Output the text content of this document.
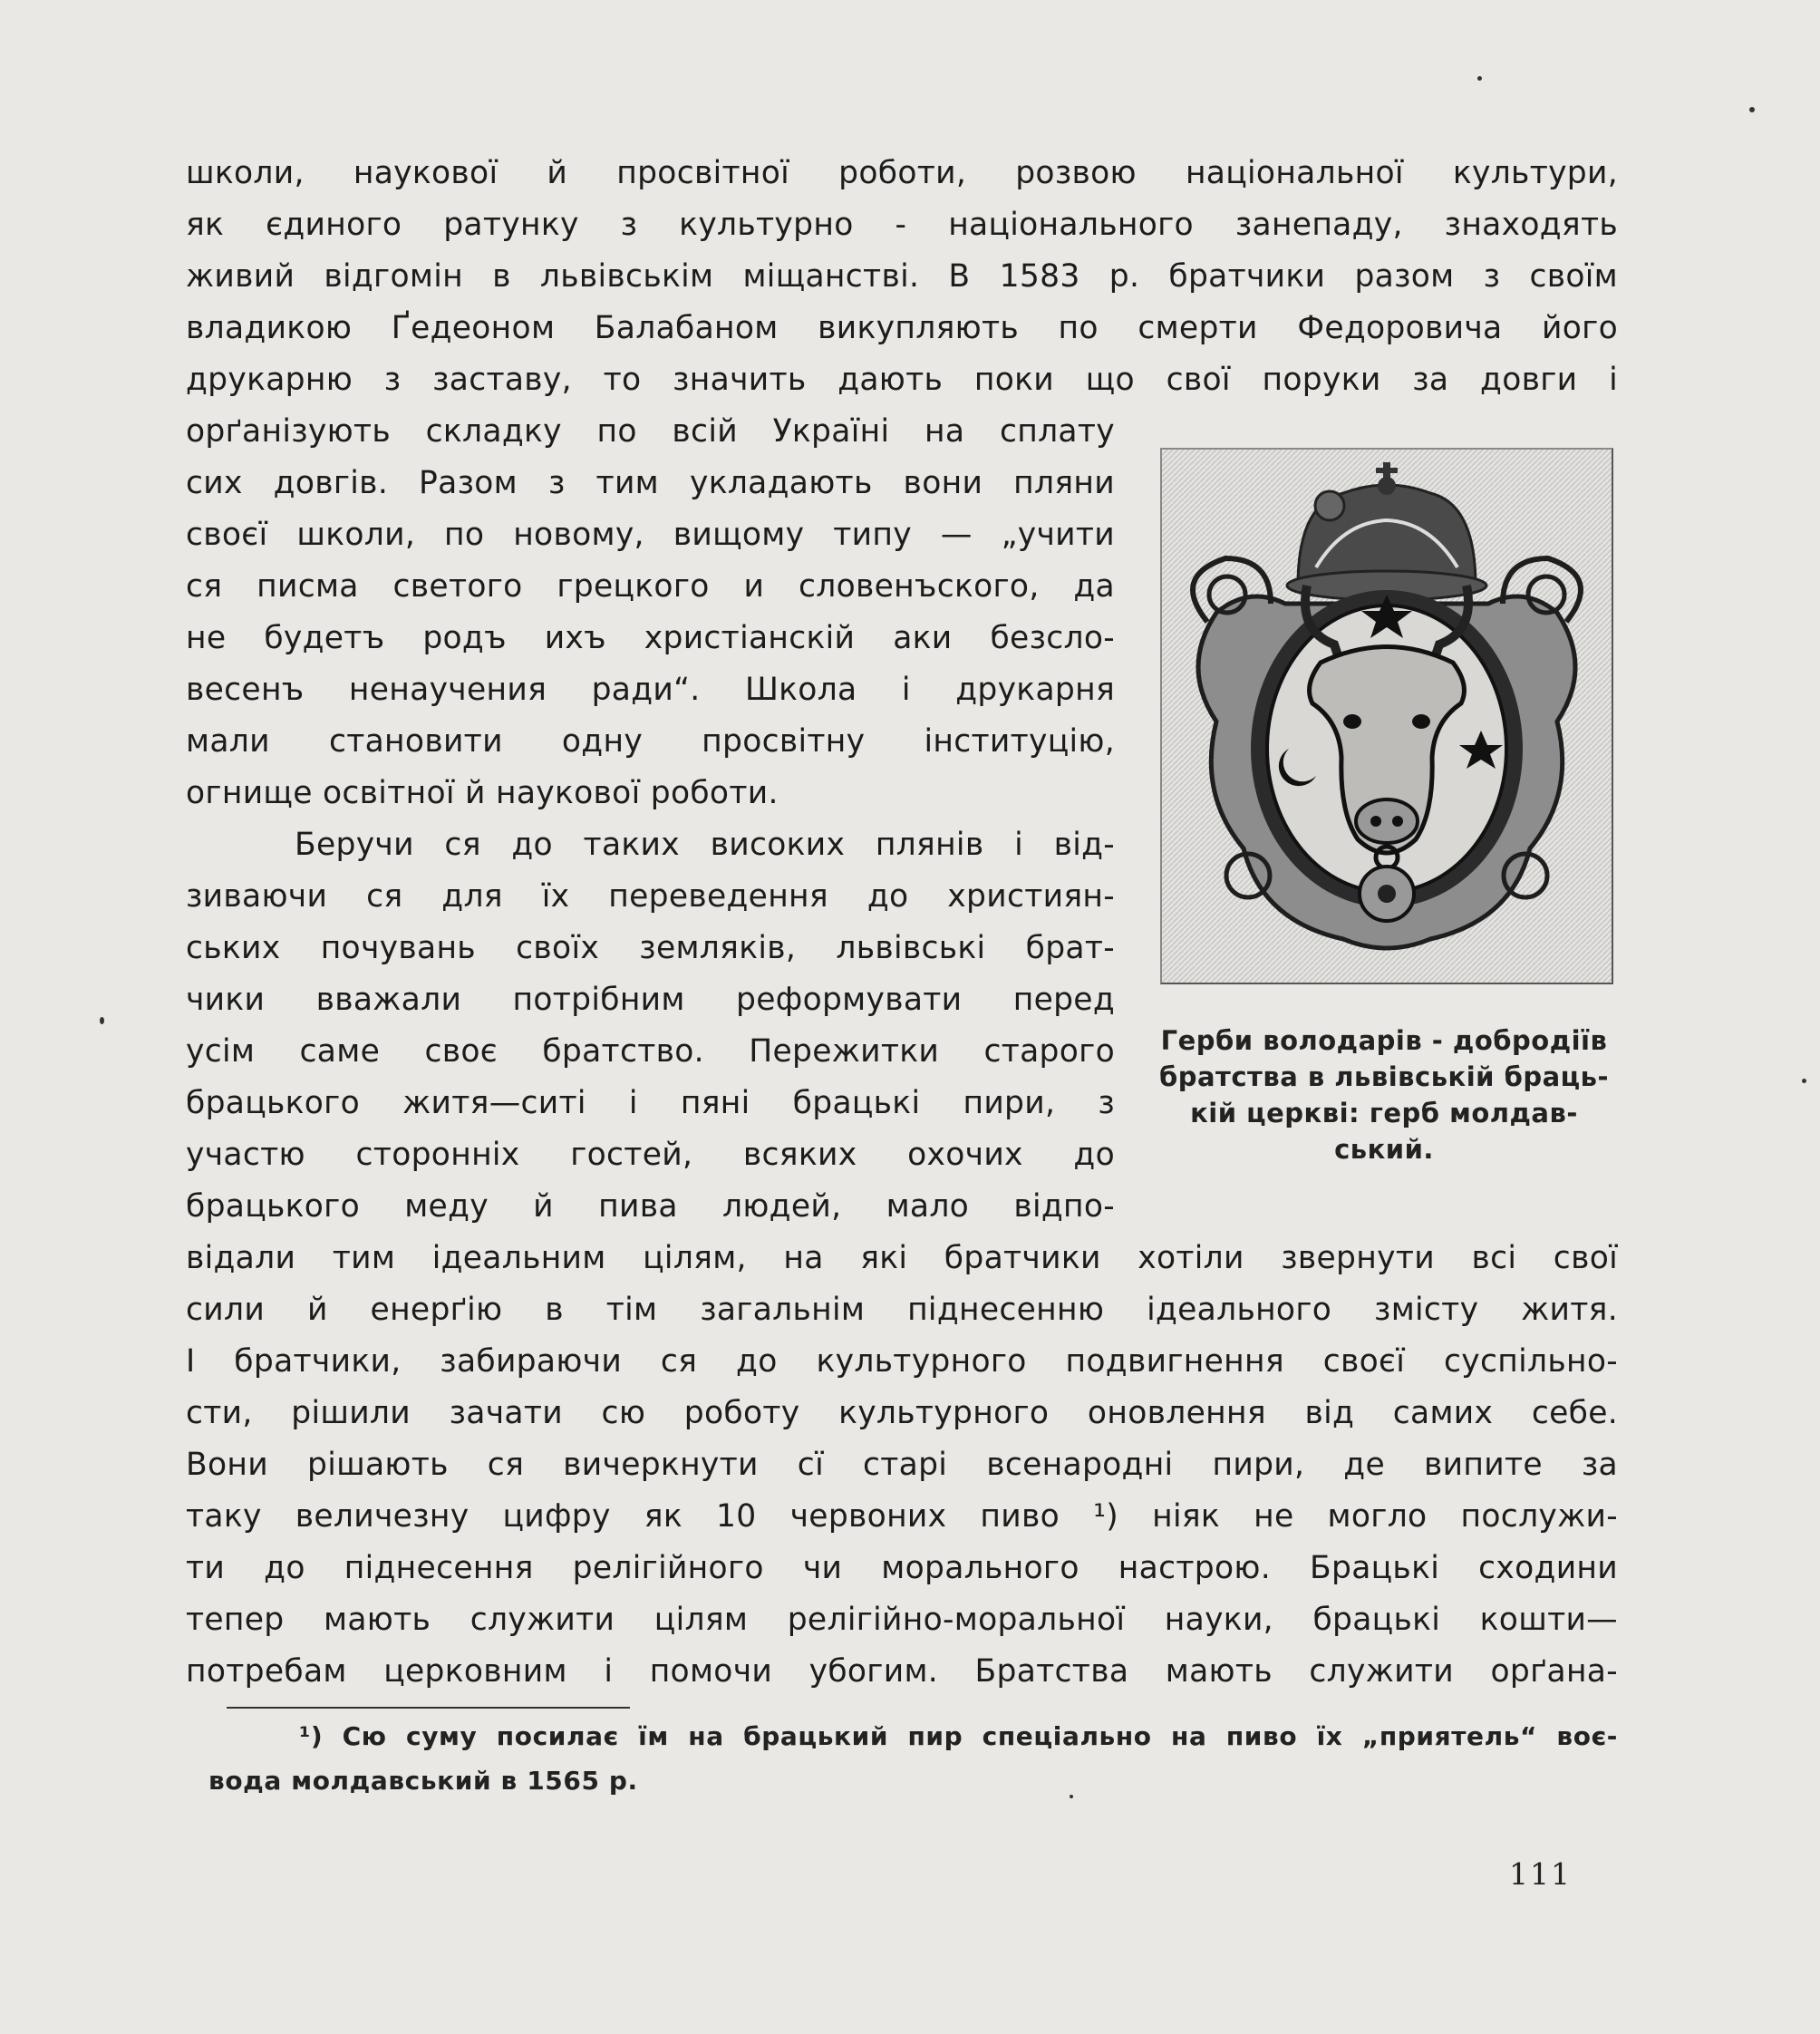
школи, наукової й просвітної роботи, розвою національної культури,
як єдиного ратунку з культурно - національного занепаду, знаходять
живий відгомін в львівськім міщанстві. В 1583 р. братчики разом з своїм
владикою Ґедеоном Балабаном викупляють по смерти Федоровича його
друкарню з заставу, то значить дають поки що свої поруки за довги і
орґанізують складку по всій Україні на сплату
сих довгів. Разом з тим укладають вони пляни
своєї школи, по новому, вищому типу — „учити
ся писма светого грецкого и словенъского, да
не будетъ родъ ихъ христіанскій аки безсло-
весенъ ненаучения ради“. Школа і друкарня
мали становити одну просвітну інституцію,
огнище освітної й наукової роботи.
Беручи ся до таких високих плянів і від-
зиваючи ся для їх переведення до християн-
ських почувань своїх земляків, львівські брат-
чики вважали потрібним реформувати перед
усім саме своє братство. Пережитки старого
брацького житя—ситі і пяні брацькі пири, з
участю сторонніх гостей, всяких охочих до
брацького меду й пива людей, мало відпо-
відали тим ідеальним цілям, на які братчики хотіли звернути всі свої
сили й енерґію в тім загальнім піднесенню ідеального змісту житя.
І братчики, забираючи ся до культурного подвигнення своєї суспільно-
сти, рішили зачати сю роботу культурного оновлення від самих себе.
Вони рішають ся вичеркнути сї старі всенародні пири, де випите за
таку величезну цифру як 10 червоних пиво ¹) ніяк не могло послужи-
ти до піднесення релігійного чи морального настрою. Брацькі сходини
тепер мають служити цілям релігійно-моральної науки, брацькі кошти—
потребам церковним і помочи убогим. Братства мають служити орґана-
Герби володарів - добродіїв
братства в львівській браць-
кій церкві: герб молдав-
ський.
¹) Сю суму посилає їм на брацький пир спеціально на пиво їх „приятель“ воє-
вода молдавський в 1565 р.
111
